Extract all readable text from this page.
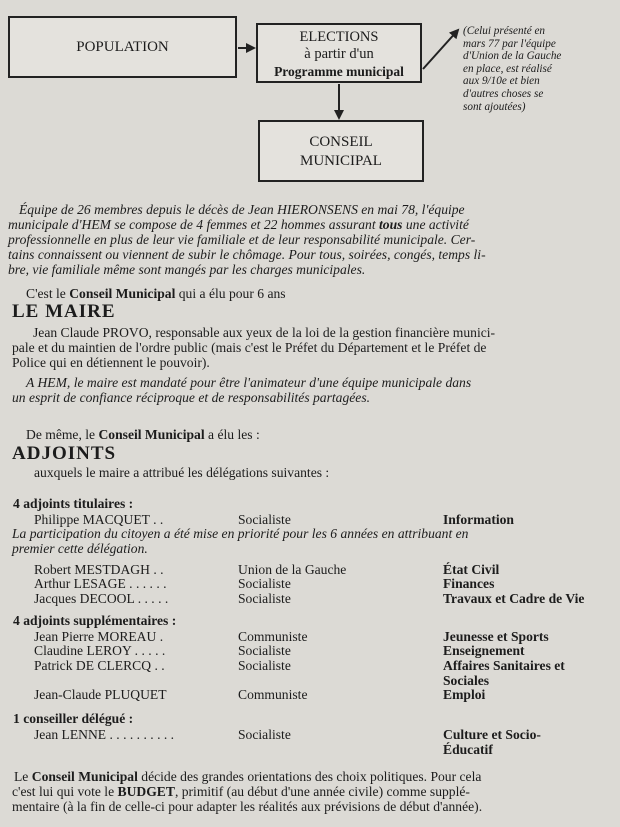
POPULATION
ELECTIONS
à partir d'un
Programme municipal
CONSEIL
MUNICIPAL
(Celui présenté en
mars 77 par l'équipe
d'Union de la Gauche
en place, est réalisé
aux 9/10e et bien
d'autres choses se
sont ajoutées)
Équipe de 26 membres depuis le décès de Jean HIERONSENS en mai 78, l'équipe
municipale d'HEM se compose de 4 femmes et 22 hommes assurant tous une activité
professionnelle en plus de leur vie familiale et de leur responsabilité municipale. Cer-
tains connaissent ou viennent de subir le chômage. Pour tous, soirées, congés, temps li-
bre, vie familiale même sont mangés par les charges municipales.
C'est le Conseil Municipal qui a élu pour 6 ans
LE MAIRE
Jean Claude PROVO, responsable aux yeux de la loi de la gestion financière munici-
pale et du maintien de l'ordre public (mais c'est le Préfet du Département et le Préfet de
Police qui en détiennent le pouvoir).
A HEM, le maire est mandaté pour être l'animateur d'une équipe municipale dans
un esprit de confiance réciproque et de responsabilités partagées.
De même, le Conseil Municipal a élu les :
ADJOINTS
auxquels le maire a attribué les délégations suivantes :
4 adjoints titulaires :
Philippe MACQUET . .	Socialiste	Information
La participation du citoyen a été mise en priorité pour les 6 années en attribuant en
premier cette délégation.
Robert MESTDAGH . .	Union de la Gauche	État Civil
Arthur LESAGE . . . . . .	Socialiste	Finances
Jacques DECOOL . . . . .	Socialiste	Travaux et Cadre de Vie
4 adjoints supplémentaires :
Jean Pierre MOREAU .	Communiste	Jeunesse et Sports
Claudine LEROY . . . . .	Socialiste	Enseignement
Patrick DE CLERCQ . .	Socialiste	Affaires Sanitaires et
Sociales
Jean-Claude PLUQUET	Communiste	Emploi
1 conseiller délégué :
Jean LENNE . . . . . . . . . .	Socialiste	Culture et Socio-
Éducatif
Le Conseil Municipal décide des grandes orientations des choix politiques. Pour cela
c'est lui qui vote le BUDGET, primitif (au début d'une année civile) comme supplé-
mentaire (à la fin de celle-ci pour adapter les réalités aux prévisions de début d'année).
